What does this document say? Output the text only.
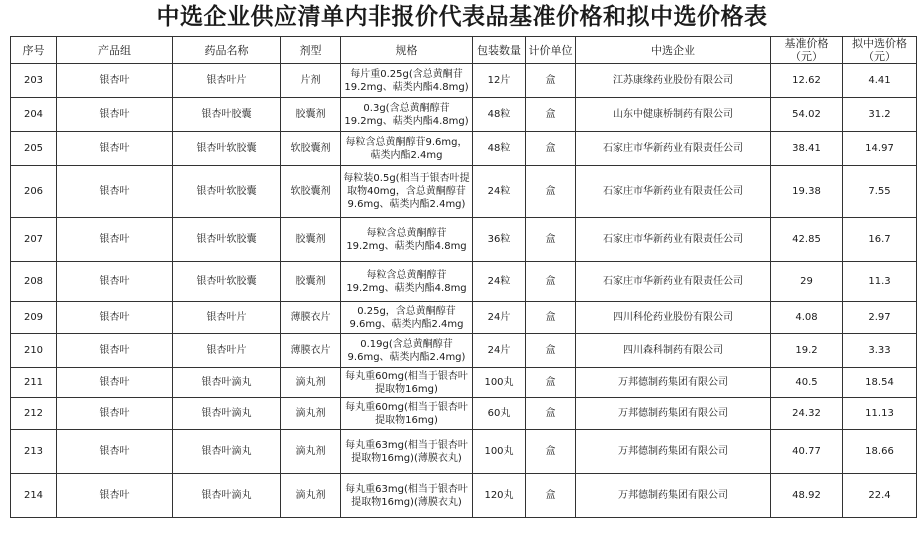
中选企业供应清单内非报价代表品基准价格和拟中选价格表
序号	产品组	药品名称	剂型	规格	包装数量	计价单位	中选企业	基准价格（元）	拟中选价格（元）
203	银杏叶	银杏叶片	片剂	每片重0.25g(含总黄酮苷19.2mg、萜类内酯4.8mg)	12片	盒	江苏康缘药业股份有限公司	12.62	4.41
204	银杏叶	银杏叶胶囊	胶囊剂	0.3g(含总黄酮醇苷19.2mg、萜类内酯4.8mg)	48粒	盒	山东中健康桥制药有限公司	54.02	31.2
205	银杏叶	银杏叶软胶囊	软胶囊剂	每粒含总黄酮醇苷9.6mg，萜类内酯2.4mg	48粒	盒	石家庄市华新药业有限责任公司	38.41	14.97
206	银杏叶	银杏叶软胶囊	软胶囊剂	每粒装0.5g(相当于银杏叶提取物40mg，含总黄酮醇苷9.6mg、萜类内酯2.4mg)	24粒	盒	石家庄市华新药业有限责任公司	19.38	7.55
207	银杏叶	银杏叶软胶囊	胶囊剂	每粒含总黄酮醇苷19.2mg、萜类内酯4.8mg	36粒	盒	石家庄市华新药业有限责任公司	42.85	16.7
208	银杏叶	银杏叶软胶囊	胶囊剂	每粒含总黄酮醇苷19.2mg、萜类内酯4.8mg	24粒	盒	石家庄市华新药业有限责任公司	29	11.3
209	银杏叶	银杏叶片	薄膜衣片	0.25g，含总黄酮醇苷9.6mg、萜类内酯2.4mg	24片	盒	四川科伦药业股份有限公司	4.08	2.97
210	银杏叶	银杏叶片	薄膜衣片	0.19g(含总黄酮醇苷9.6mg、萜类内酯2.4mg)	24片	盒	四川森科制药有限公司	19.2	3.33
211	银杏叶	银杏叶滴丸	滴丸剂	每丸重60mg(相当于银杏叶提取物16mg)	100丸	盒	万邦德制药集团有限公司	40.5	18.54
212	银杏叶	银杏叶滴丸	滴丸剂	每丸重60mg(相当于银杏叶提取物16mg)	60丸	盒	万邦德制药集团有限公司	24.32	11.13
213	银杏叶	银杏叶滴丸	滴丸剂	每丸重63mg(相当于银杏叶提取物16mg)(薄膜衣丸)	100丸	盒	万邦德制药集团有限公司	40.77	18.66
214	银杏叶	银杏叶滴丸	滴丸剂	每丸重63mg(相当于银杏叶提取物16mg)(薄膜衣丸)	120丸	盒	万邦德制药集团有限公司	48.92	22.4
